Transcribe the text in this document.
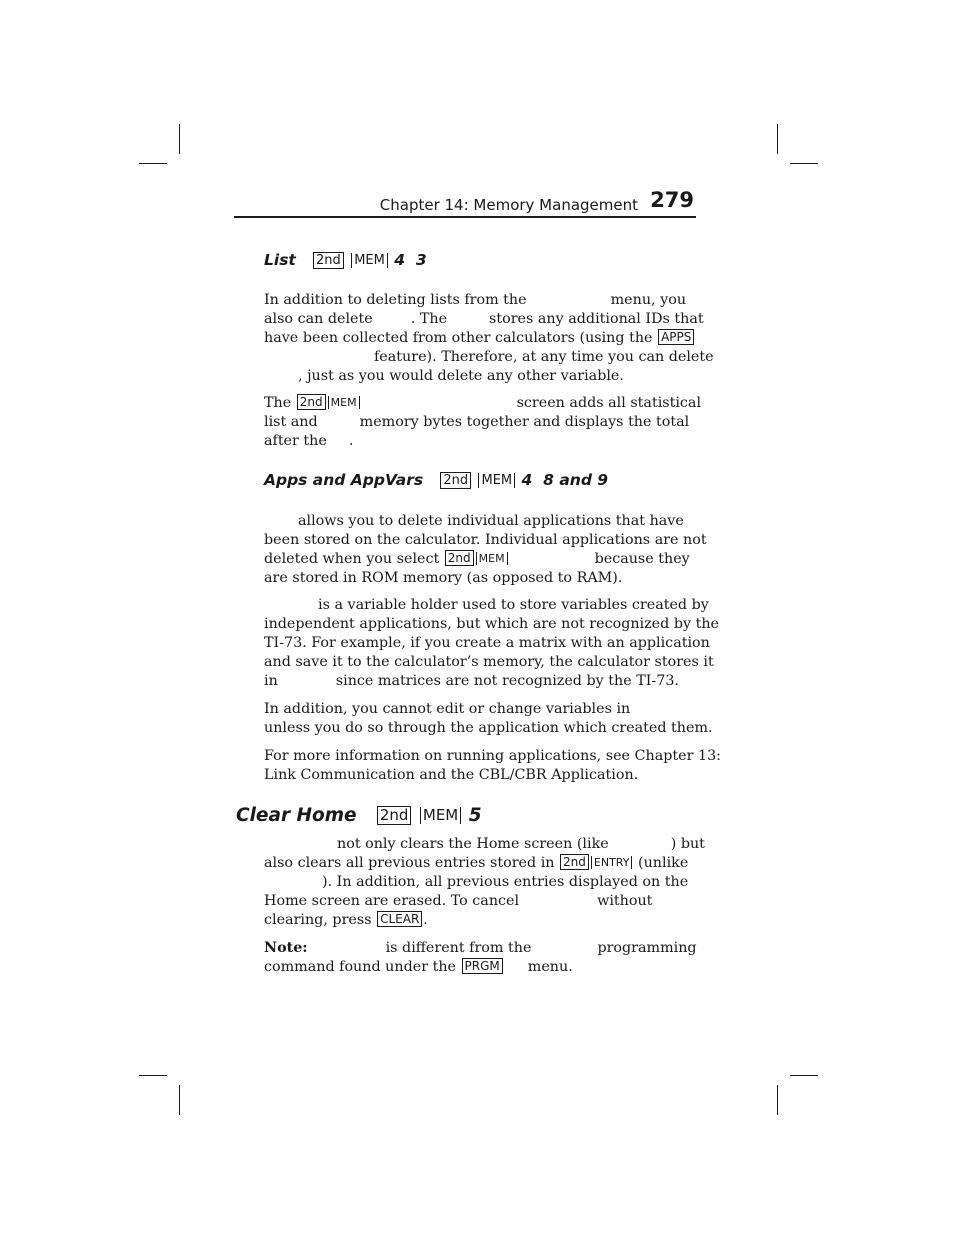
Chapter 14: Memory Management 279
List 2nd MEM 4 3
In addition to deleting lists from the	menu, you
also can delete	. The	stores any additional IDs that
have been collected from other calculators (using the APPS
feature). Therefore, at any time you can delete
, just as you would delete any other variable.
The 2nd MEM	screen adds all statistical
list and	memory bytes together and displays the total
after the .
Apps and AppVars 2nd MEM 4 8 and 9
allows you to delete individual applications that have
been stored on the calculator. Individual applications are not
deleted when you select 2nd MEM	because they
are stored in ROM memory (as opposed to RAM).
is a variable holder used to store variables created by
independent applications, but which are not recognized by the
TI-73. For example, if you create a matrix with an application
and save it to the calculator’s memory, the calculator stores it
in	since matrices are not recognized by the TI-73.
In addition, you cannot edit or change variables in
unless you do so through the application which created them.
For more information on running applications, see Chapter 13:
Link Communication and the CBL/CBR Application.
Clear Home 2nd MEM 5
not only clears the Home screen (like	) but
also clears all previous entries stored in 2nd ENTRY (unlike
). In addition, all previous entries displayed on the
Home screen are erased. To cancel	without
clearing, press CLEAR .
Note:	is different from the	programming
command found under the PRGM menu.
